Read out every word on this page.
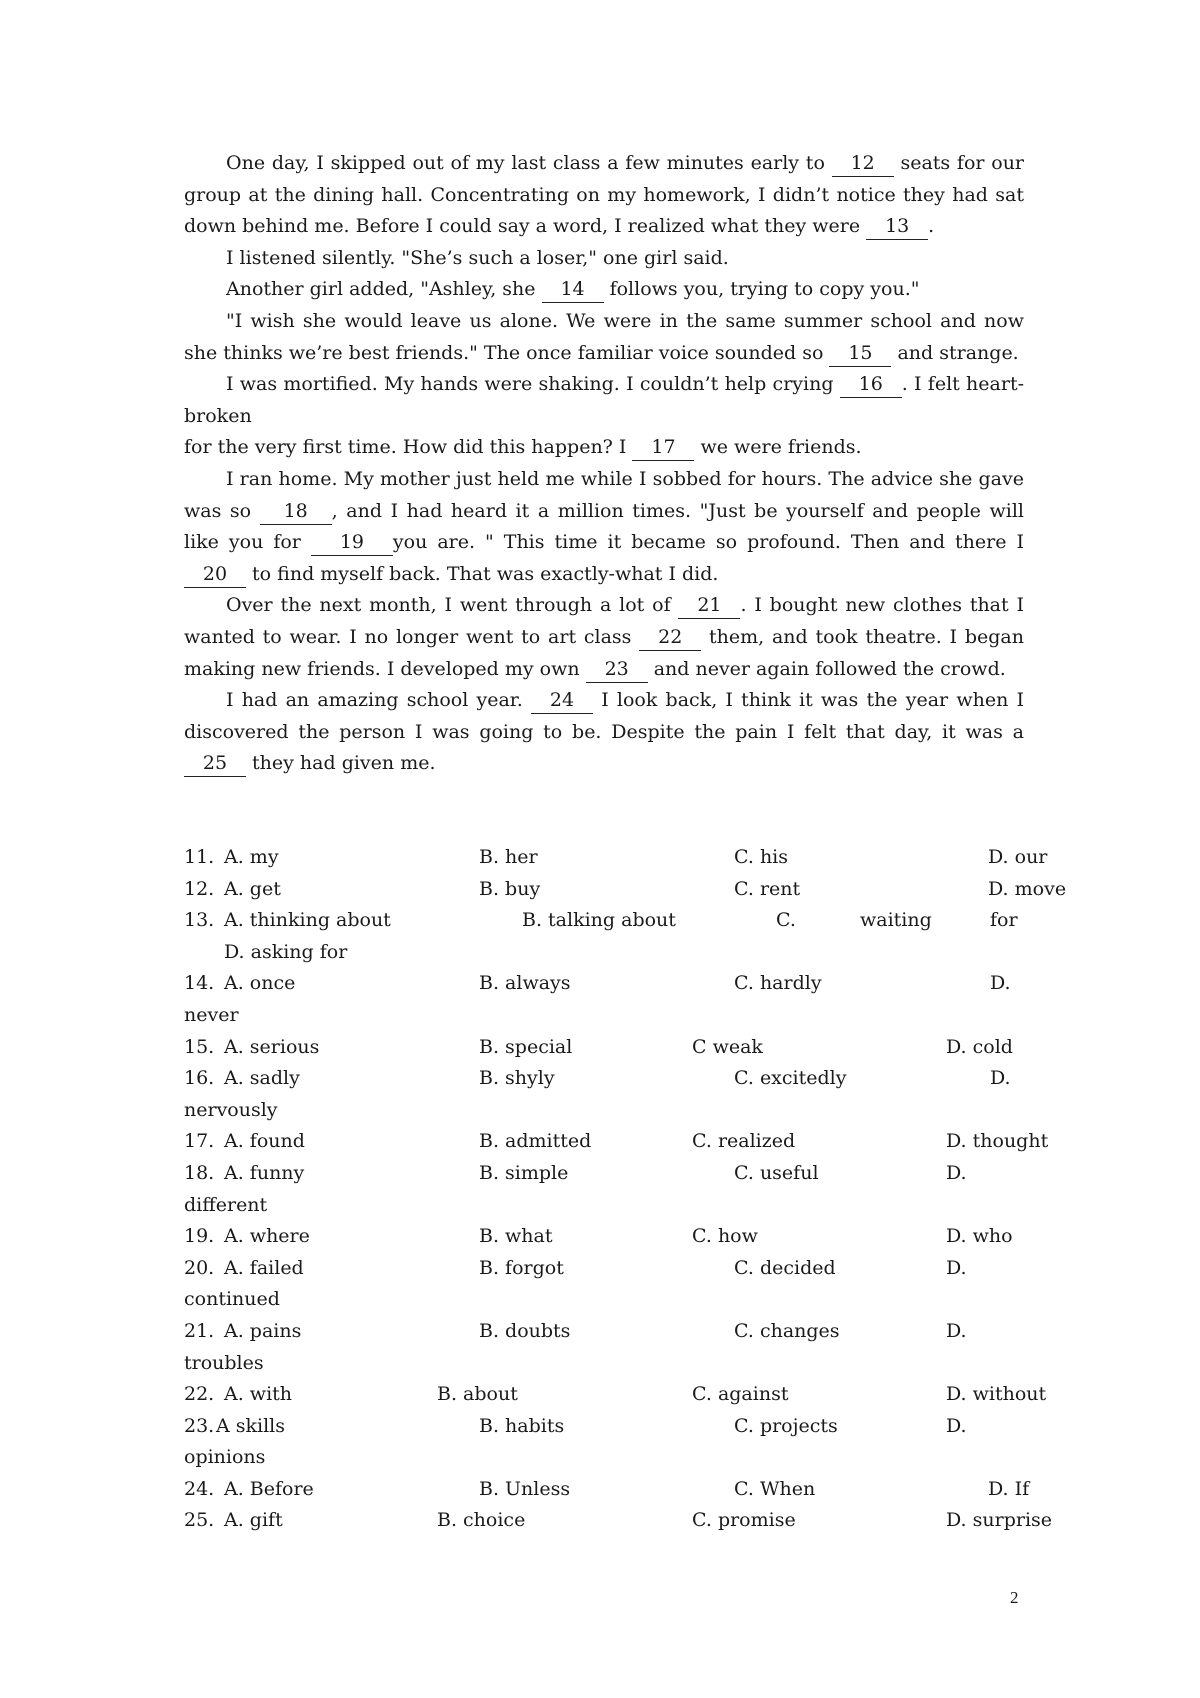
One day, I skipped out of my last class a few minutes early to 12 seats for our group at the dining hall. Concentrating on my homework, I didn’t notice they had sat down behind me. Before I could say a word, I realized what they were 13 .

I listened silently. "She’s such a loser," one girl said.

Another girl added, "Ashley, she 14 follows you, trying to copy you."

"I wish she would leave us alone. We were in the same summer school and now she thinks we’re best friends." The once familiar voice sounded so 15 and strange.

I was mortified. My hands were shaking. I couldn’t help crying 16 . I felt heart-broken

for the very first time. How did this happen? I 17 we were friends.

I ran home. My mother just held me while I sobbed for hours. The advice she gave was so 18 , and I had heard it a million times. "Just be yourself and people will like you for 19 you are. " This time it became so profound. Then and there I 20 to find myself back. That was exactly-what I did.

Over the next month, I went through a lot of 21 . I bought new clothes that I wanted to wear. I no longer went to art class 22 them, and took theatre. I began making new friends. I developed my own 23 and never again followed the crowd.

I had an amazing school year. 24 I look back, I think it was the year when I discovered the person I was going to be. Despite the pain I felt that day, it was a 25 they had given me.

11. A. my	B. her	C. his	D. our
12. A. get	B. buy	C. rent	D. move
13. A. thinking about	B. talking about	C.	waiting	for
D. asking for
14. A. once	B. always	C. hardly	D.
never
15. A. serious	B. special	C weak	D. cold
16. A. sadly	B. shyly	C. excitedly	D.
nervously
17. A. found	B. admitted	C. realized	D. thought
18. A. funny	B. simple	C. useful	D.
different
19. A. where	B. what	C. how	D. who
20. A. failed	B. forgot	C. decided	D.
continued
21. A. pains	B. doubts	C. changes	D.
troubles
22. A. with	B. about	C. against	D. without
23. A skills	B. habits	C. projects	D.
opinions
24. A. Before	B. Unless	C. When	D. If
25. A. gift	B. choice	C. promise	D. surprise
2
